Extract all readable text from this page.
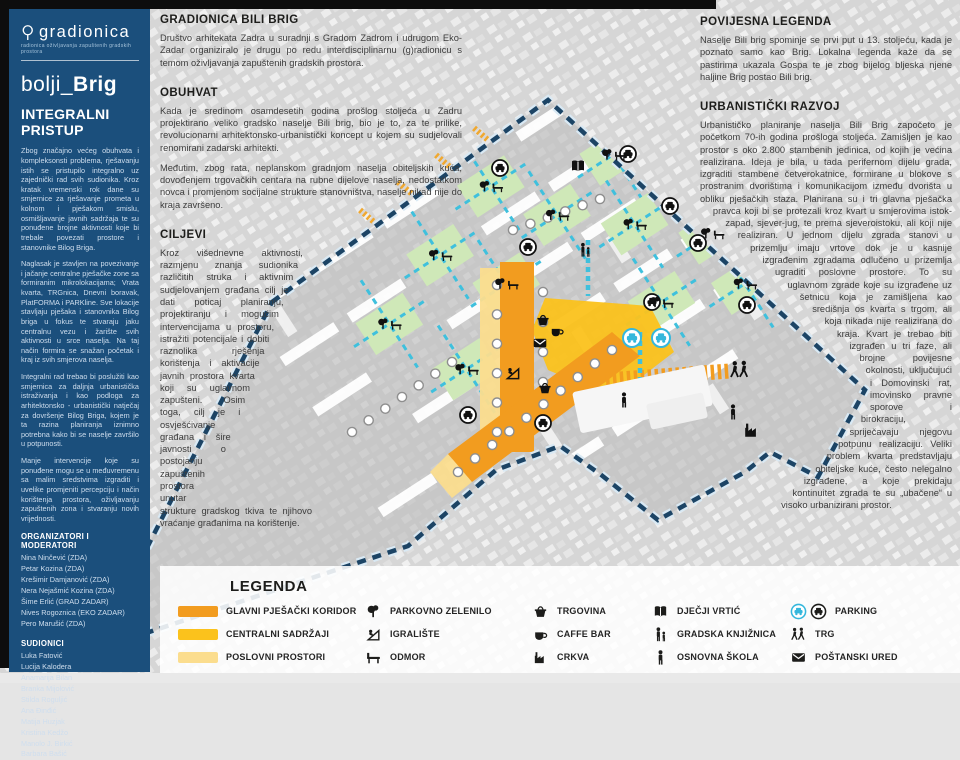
gradionica
radionica oživljavanja zapuštenih gradskih prostora
bolji_Brig
INTEGRALNI PRISTUP

Zbog značajno većeg obuhvata i kompleksonsti problema, rješavanju istih se pristupilo integralno uz zajednički rad svih sudionika. Kroz kratak vremenski rok dane su smjernice za rješavanje prometa u kolnom i pješakom smislu, osmišljavanje javnih sadržaja te su ponuđene brojne aktivnosti koje bi trebale povezati prostore i stanovnike Bilog Briga.

Naglasak je stavljen na povezivanje i jačanje centralne pješačke zone sa formiranim mikrolokacijama; Vrata kvarta, TRGnica, Dnevni boravak, PlatFORMA i PARKline. Sve lokacije stavljaju pješaka i stanovnika Bilog briga u fokus te stvaraju jaku centralnu vezu i žarište svih aktivnosti u srce naselja. Na taj način formira se snažan početak i kraj iz svih smjerova naselja.

Integralni rad trebao bi poslužiti kao smjernica za daljnja urbanistička istraživanja i kao podloga za arhitektonsko - urbanistički natječaj za dovršenje Bilog Briga, kojem je ta razina planiranja iznimno potrebna kako bi se naselje završilo u potpunosti.

Manje intervencije koje su ponuđene mogu se u međuvremenu sa malim sredstvima izgraditi i uvelike promjeniti percepciju i način korištenja prostora, oživljavanju zapuštenih zona i stvaranju novih vrijednosti.

ORGANIZATORI I MODERATORI
Nina Ninčević (ZDA)
Petar Kozina (ZDA)
Krešimir Damjanović (ZDA)
Nera Nejašmić Kozina (ZDA)
Šime Erlić (GRAD ZADAR)
Nives Rogoznica (EKO ZADAR)
Pero Marušić (ZDA)
SUDIONICI
Luka Fatović
Lucija Kalodera
Anamarija Bilan
Branka Mijolović
Stilda Roguljić
Ana Đinđić
Matija Huzjak
Kristina Kedžo
Manolo J. Birkić
Barbara Bašić
GRADIONICA BILI BRIG

Društvo arhitekata Zadra u suradnji s Gradom Zadrom i udrugom Eko-Zadar organiziralo je drugu po redu interdisciplinarnu (g)radionicu s temom oživljavanja zapuštenih gradskih prostora.

OBUHVAT

Kada je sredinom osamdesetih godina prošlog stoljeća u Zadru projektirano veliko gradsko naselje Bili brig, bio je to, za te prilike, revolucionarni arhitektonsko-urbanistički koncept u kojem su sudjelovali renomirani zadarski arhitekti.

Međutim, zbog rata, neplanskom gradnjom naselja obiteljskih kuća, dovođenjem trgovačkih centara na rubne dijelove naselja, nedostatkom novca i promjenom socijalne strukture stanovništva, naselje nikad nije do kraja završeno.

CILJEVI

Kroz višednevne aktivnosti, razmjenu znanja sudionika različitih struka i aktivnim sudjelovanjem građana cilj je dati poticaj planiranju, projektiranju i mogućim intervencijama u prostoru, istražiti potencijale i dobiti raznolika rješenja korištenja i aktivacije javnih prostora kvarta koji su uglavnom zapušteni. Osim toga, cilj je i osvješćivanje građana i šire javnosti o postojanju zapuštenih prostora unutar strukture gradskog tkiva te njihovo vraćanje građanima na korištenje.

POVIJESNA LEGENDA

Naselje Bili brig spominje se prvi put u 13. stoljeću, kada je poznato samo kao Brig. Lokalna legenda kaže da se pastirima ukazala Gospa te je zbog bijelog bljeska njene haljine Brig postao Bili brig.

URBANISTIČKI RAZVOJ

Urbanističko planiranje naselja Bili Brig započeto je početkom 70-ih godina prošloga stoljeća. Zamišljen je kao prostor s oko 2.800 stambenih jedinica, od kojih je većina realizirana. Ideja je bila, u tada perifernom dijelu grada, izgraditi stambene četverokatnice, formirane u blokove s prostranim dvorištima i komunikacijom između dvorišta u obliku pješačkih staza. Planirana su i tri glavna pješačka pravca koji bi se protezali kroz kvart u smjerovima istok-zapad, sjever-jug, te prema sjeveroistoku, ali koji nije realiziran. U jednom dijelu zgrada stanovi u prizemlju imaju vrtove dok je u kasnije izgrađenim zgradama odlučeno u prizemlja ugraditi poslovne prostore. To su uglavnom zgrade koje su izgrađene uz šetnicu koja je zamišljena kao središnja os kvarta s trgom, ali koja nikada nije realizirana do kraja. Kvart je trebao biti izgrađen u tri faze, ali brojne povijesne okolnosti, uključujući i Domovinski rat, imovinsko pravne sporove i birokraciju, spriječavaju njegovu potpunu realizaciju. Veliki problem kvarta predstavljaju obiteljske kuće, često nelegalno izgrađene, a koje prekidaju kontinuitet zgrada te su „ubačene“ u visoko urbanizirani prostor.

LEGENDA
GLAVNI PJEŠAČKI KORIDOR
CENTRALNI SADRŽAJI
POSLOVNI PROSTORI
PARKOVNO ZELENILO
IGRALIŠTE
ODMOR
TRGOVINA
CAFFE BAR
CRKVA
DJEČJI VRTIĆ
GRADSKA KNJIŽNICA
OSNOVNA ŠKOLA
PARKING
TRG
POŠTANSKI URED
